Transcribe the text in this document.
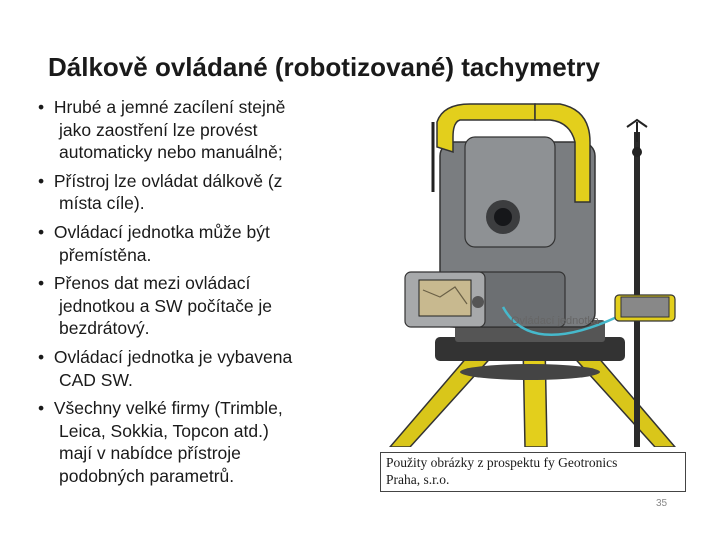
Dálkově ovládané (robotizované) tachymetry
•  Hrubé a jemné zacílení stejně
jako zaostření lze provést
automaticky nebo manuálně;
•  Přístroj lze ovládat dálkově (z
místa cíle).
•  Ovládací jednotka může být
přemístěna.
•  Přenos dat mezi ovládací
jednotkou a SW počítače je
bezdrátový.
•  Ovládací jednotka je vybavena
CAD SW.
•  Všechny velké firmy (Trimble,
Leica, Sokkia, Topcon atd.)
mají v nabídce přístroje
podobných parametrů.
Ovládací jednotka
Použity obrázky z prospektu fy Geotronics
Praha, s.r.o.
35
